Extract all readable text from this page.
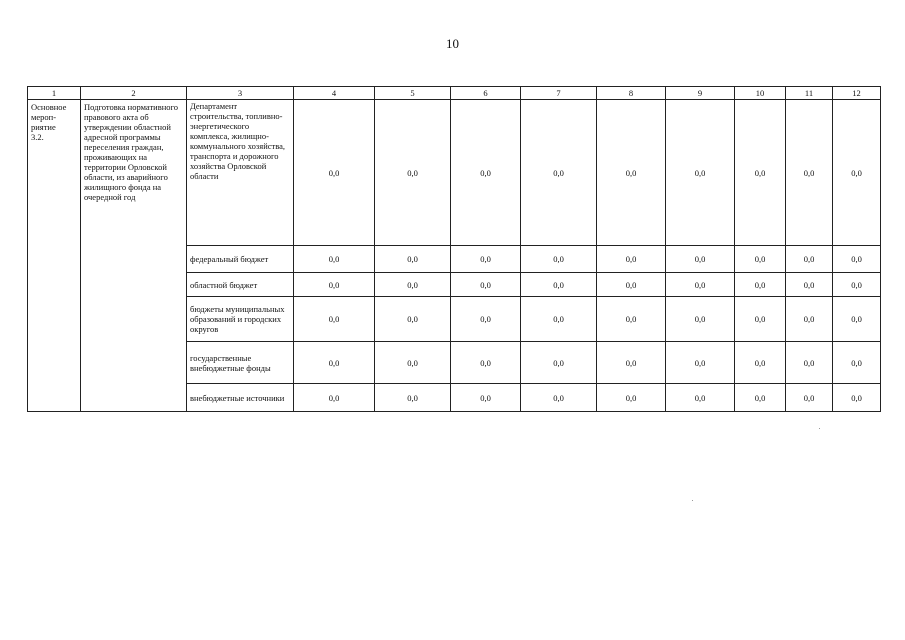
10
1	2	3	4	5	6	7	8	9	10	11	12

Основное
мероп-
риятие
3.2.	Подготовка нормативного правового акта об утверждении областной адресной программы переселения граждан, проживающих на территории Орловской области, из аварийного жилищного фонда на очередной год	Департамент строительства, топливно-энергетического комплекса, жилищно-коммунального хозяйства, транспорта и дорожного хозяйства Орловской области	0,0	0,0	0,0	0,0	0,0	0,0	0,0	0,0	0,0
		федеральный бюджет	0,0	0,0	0,0	0,0	0,0	0,0	0,0	0,0	0,0
		областной бюджет	0,0	0,0	0,0	0,0	0,0	0,0	0,0	0,0	0,0
		бюджеты муниципальных образований и городских округов	0,0	0,0	0,0	0,0	0,0	0,0	0,0	0,0	0,0
		государственные внебюджетные фонды	0,0	0,0	0,0	0,0	0,0	0,0	0,0	0,0	0,0
		внебюджетные источники	0,0	0,0	0,0	0,0	0,0	0,0	0,0	0,0	0,0
